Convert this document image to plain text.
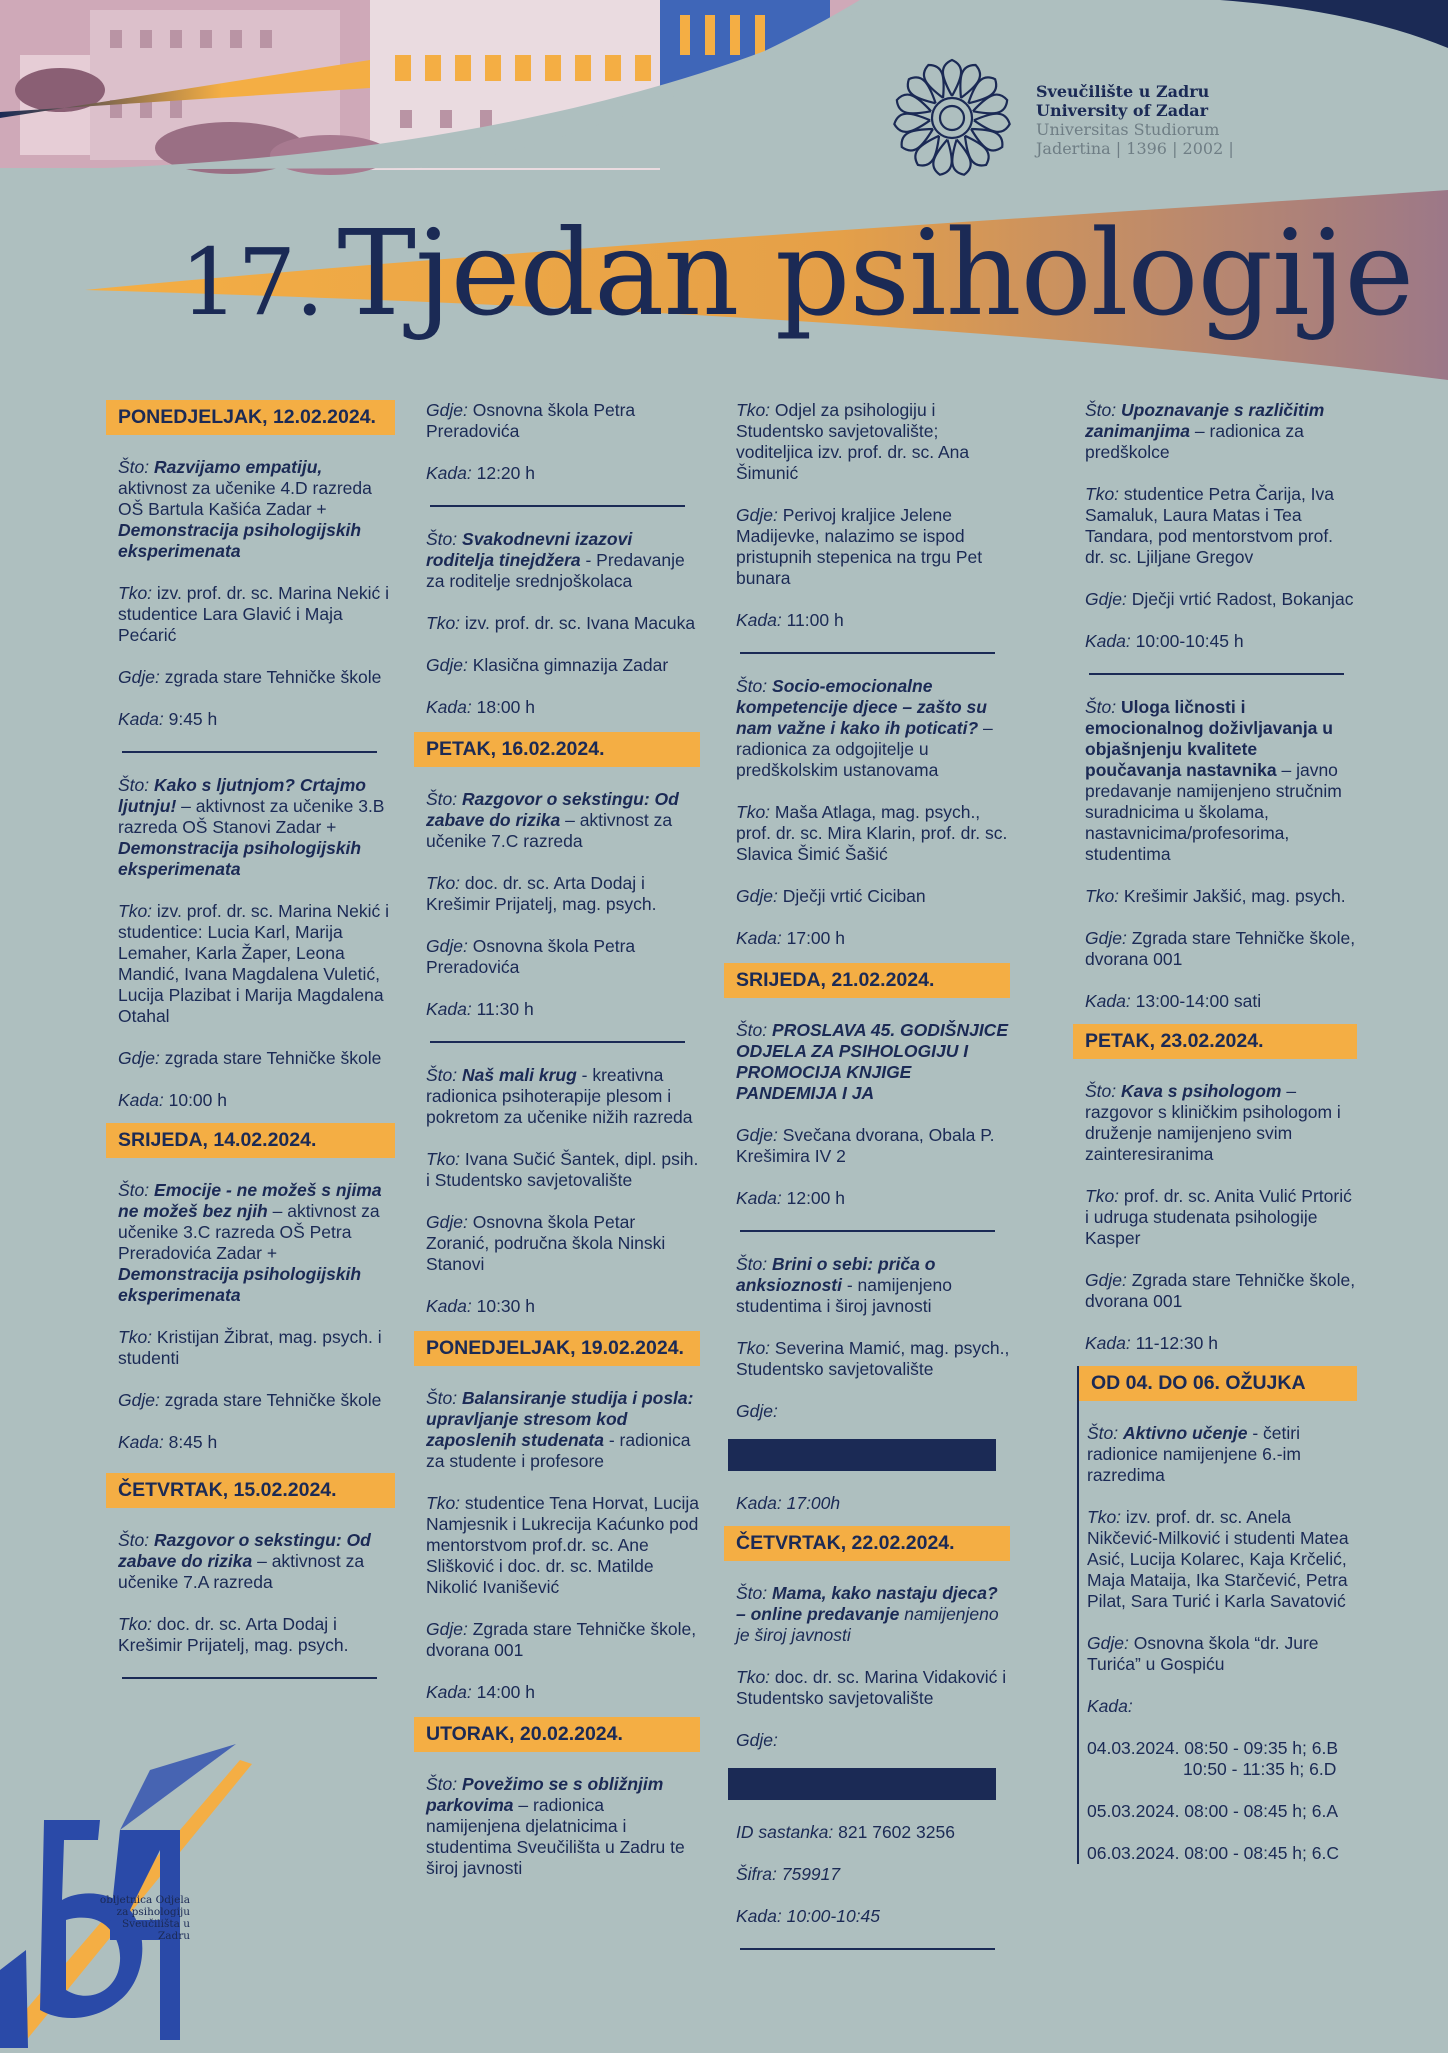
Sveučilište u Zadru
University of Zadar
Universitas Studiorum
Jadertina | 1396 | 2002 |
17. Tjedan psihologije
PONEDJELJAK, 12.02.2024.

Što: Razvijamo empatiju, aktivnost za učenike 4.D razreda OŠ Bartula Kašića Zadar + Demonstracija psihologijskih eksperimenata

Tko: izv. prof. dr. sc. Marina Nekić i studentice Lara Glavić i Maja Pećarić

Gdje: zgrada stare Tehničke škole

Kada: 9:45 h

Što: Kako s ljutnjom? Crtajmo ljutnju! – aktivnost za učenike 3.B razreda OŠ Stanovi Zadar + Demonstracija psihologijskih eksperimenata

Tko: izv. prof. dr. sc. Marina Nekić i studentice: Lucia Karl, Marija Lemaher, Karla Žaper, Leona Mandić, Ivana Magdalena Vuletić, Lucija Plazibat i Marija Magdalena Otahal

Gdje: zgrada stare Tehničke škole

Kada: 10:00 h

SRIJEDA, 14.02.2024.

Što: Emocije - ne možeš s njima ne možeš bez njih – aktivnost za učenike 3.C razreda OŠ Petra Preradovića Zadar + Demonstracija psihologijskih eksperimenata

Tko: Kristijan Žibrat, mag. psych. i studenti

Gdje: zgrada stare Tehničke škole

Kada: 8:45 h

ČETVRTAK, 15.02.2024.

Što: Razgovor o sekstingu: Od zabave do rizika – aktivnost za učenike 7.A razreda

Tko: doc. dr. sc. Arta Dodaj i Krešimir Prijatelj, mag. psych.

Gdje: Osnovna škola Petra Preradovića

Kada: 12:20 h

Što: Svakodnevni izazovi roditelja tinejdžera - Predavanje za roditelje srednjoškolaca

Tko: izv. prof. dr. sc. Ivana Macuka

Gdje: Klasična gimnazija Zadar

Kada: 18:00 h

PETAK, 16.02.2024.

Što: Razgovor o sekstingu: Od zabave do rizika – aktivnost za učenike 7.C razreda

Tko: doc. dr. sc. Arta Dodaj i Krešimir Prijatelj, mag. psych.

Gdje: Osnovna škola Petra Preradovića

Kada: 11:30 h

Što: Naš mali krug - kreativna radionica psihoterapije plesom i pokretom za učenike nižih razreda

Tko: Ivana Sučić Šantek, dipl. psih. i Studentsko savjetovalište

Gdje: Osnovna škola Petar Zoranić, područna škola Ninski Stanovi

Kada: 10:30 h

PONEDJELJAK, 19.02.2024.

Što: Balansiranje studija i posla: upravljanje stresom kod zaposlenih studenata - radionica za studente i profesore

Tko: studentice Tena Horvat, Lucija Namjesnik i Lukrecija Kaćunko pod mentorstvom prof.dr. sc. Ane Slišković i doc. dr. sc. Matilde Nikolić Ivanišević

Gdje: Zgrada stare Tehničke škole, dvorana 001

Kada: 14:00 h

UTORAK, 20.02.2024.

Što: Povežimo se s obližnjim parkovima – radionica namijenjena djelatnicima i studentima Sveučilišta u Zadru te široj javnosti

Tko: Odjel za psihologiju i Studentsko savjetovalište; voditeljica izv. prof. dr. sc. Ana Šimunić

Gdje: Perivoj kraljice Jelene Madijevke, nalazimo se ispod pristupnih stepenica na trgu Pet bunara

Kada: 11:00 h

Što: Socio-emocionalne kompetencije djece – zašto su nam važne i kako ih poticati? – radionica za odgojitelje u predškolskim ustanovama

Tko: Maša Atlaga, mag. psych., prof. dr. sc. Mira Klarin, prof. dr. sc. Slavica Šimić Šašić

Gdje: Dječji vrtić Ciciban

Kada: 17:00 h

SRIJEDA, 21.02.2024.

Što: PROSLAVA 45. GODIŠNJICE ODJELA ZA PSIHOLOGIJU I PROMOCIJA KNJIGE PANDEMIJA I JA

Gdje: Svečana dvorana, Obala P. Krešimira IV 2

Kada: 12:00 h

Što: Brini o sebi: priča o anksioznosti - namijenjeno studentima i široj javnosti

Tko: Severina Mamić, mag. psych., Studentsko savjetovalište

Gdje:

Kada: 17:00h

ČETVRTAK, 22.02.2024.

Što: Mama, kako nastaju djeca? – online predavanje namijenjeno je široj javnosti

Tko: doc. dr. sc. Marina Vidaković i Studentsko savjetovalište

Gdje:

ID sastanka: 821 7602 3256

Šifra: 759917

Kada: 10:00-10:45

Što: Upoznavanje s različitim zanimanjima – radionica za predškolce

Tko: studentice Petra Čarija, Iva Samaluk, Laura Matas i Tea Tandara, pod mentorstvom prof. dr. sc. Ljiljane Gregov

Gdje: Dječji vrtić Radost, Bokanjac

Kada: 10:00-10:45 h

Što: Uloga ličnosti i emocionalnog doživljavanja u objašnjenju kvalitete poučavanja nastavnika – javno predavanje namijenjeno stručnim suradnicima u školama, nastavnicima/profesorima, studentima

Tko: Krešimir Jakšić, mag. psych.

Gdje: Zgrada stare Tehničke škole, dvorana 001

Kada: 13:00-14:00 sati

PETAK, 23.02.2024.

Što: Kava s psihologom – razgovor s kliničkim psihologom i druženje namijenjeno svim zainteresiranima

Tko: prof. dr. sc. Anita Vulić Prtorić i udruga studenata psihologije Kasper

Gdje: Zgrada stare Tehničke škole, dvorana 001

Kada: 11-12:30 h

OD 04. DO 06. OŽUJKA

Što: Aktivno učenje - četiri radionice namijenjene 6.-im razredima

Tko: izv. prof. dr. sc. Anela Nikčević-Milković i studenti Matea Asić, Lucija Kolarec, Kaja Krčelić, Maja Mataija, Ika Starčević, Petra Pilat, Sara Turić i Karla Savatović

Gdje: Osnovna škola “dr. Jure Turića” u Gospiću

Kada:

04.03.2024. 08:50 - 09:35 h; 6.B

10:50 - 11:35 h; 6.D

05.03.2024. 08:00 - 08:45 h; 6.A

06.03.2024. 08:00 - 08:45 h; 6.C

obljetnica Odjela
za psihologiju
Sveučilišta u Zadru
